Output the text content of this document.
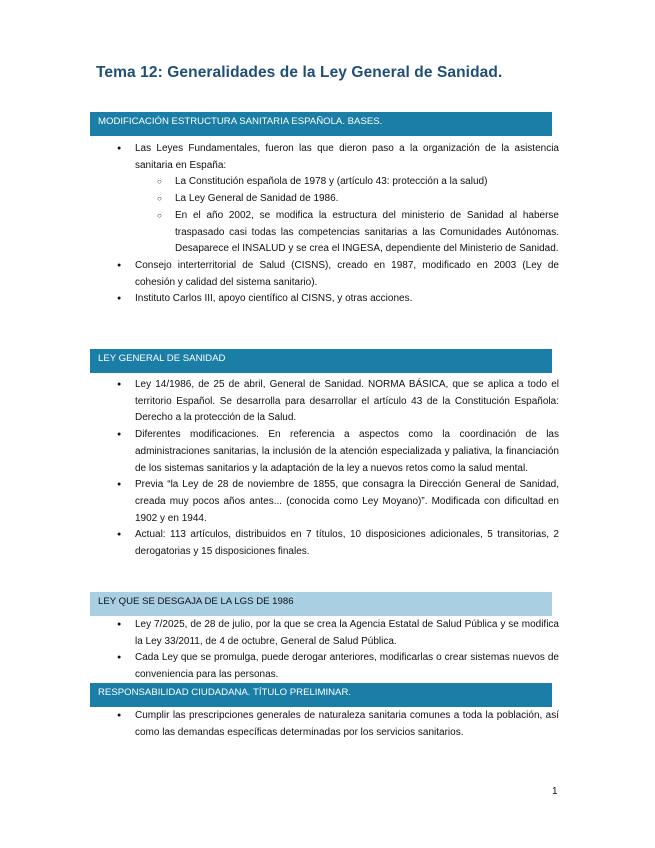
Tema 12: Generalidades de la Ley General de Sanidad.
MODIFICACIÓN ESTRUCTURA SANITARIA ESPAÑOLA. BASES.
● Las Leyes Fundamentales, fueron las que dieron paso a la organización de la asistencia sanitaria en España:
○ La Constitución española de 1978 y (artículo 43: protección a la salud)
○ La Ley General de Sanidad de 1986.
○ En el año 2002, se modifica la estructura del ministerio de Sanidad al haberse traspasado casi todas las competencias sanitarias a las Comunidades Autónomas. Desaparece el INSALUD y se crea el INGESA, dependiente del Ministerio de Sanidad.
● Consejo interterritorial de Salud (CISNS), creado en 1987, modificado en 2003 (Ley de cohesión y calidad del sistema sanitario).
● Instituto Carlos III, apoyo científico al CISNS, y otras acciones.
LEY GENERAL DE SANIDAD
● Ley 14/1986, de 25 de abril, General de Sanidad. NORMA BÁSICA, que se aplica a todo el territorio Español. Se desarrolla para desarrollar el artículo 43 de la Constitución Española: Derecho a la protección de la Salud.
● Diferentes modificaciones. En referencia a aspectos como la coordinación de las administraciones sanitarias, la inclusión de la atención especializada y paliativa, la financiación de los sistemas sanitarios y la adaptación de la ley a nuevos retos como la salud mental.
● Previa “la Ley de 28 de noviembre de 1855, que consagra la Dirección General de Sanidad, creada muy pocos años antes... (conocida como Ley Moyano)”. Modificada con dificultad en 1902 y en 1944.
● Actual: 113 artículos, distribuidos en 7 títulos, 10 disposiciones adicionales, 5 transitorias, 2 derogatorias y 15 disposiciones finales.
LEY QUE SE DESGAJA DE LA LGS DE 1986
● Ley 7/2025, de 28 de julio, por la que se crea la Agencia Estatal de Salud Pública y se modifica la Ley 33/2011, de 4 de octubre, General de Salud Pública.
● Cada Ley que se promulga, puede derogar anteriores, modificarlas o crear sistemas nuevos de conveniencia para las personas.
RESPONSABILIDAD CIUDADANA. TÍTULO PRELIMINAR.
● Cumplir las prescripciones generales de naturaleza sanitaria comunes a toda la población, así como las demandas específicas determinadas por los servicios sanitarios.
1
